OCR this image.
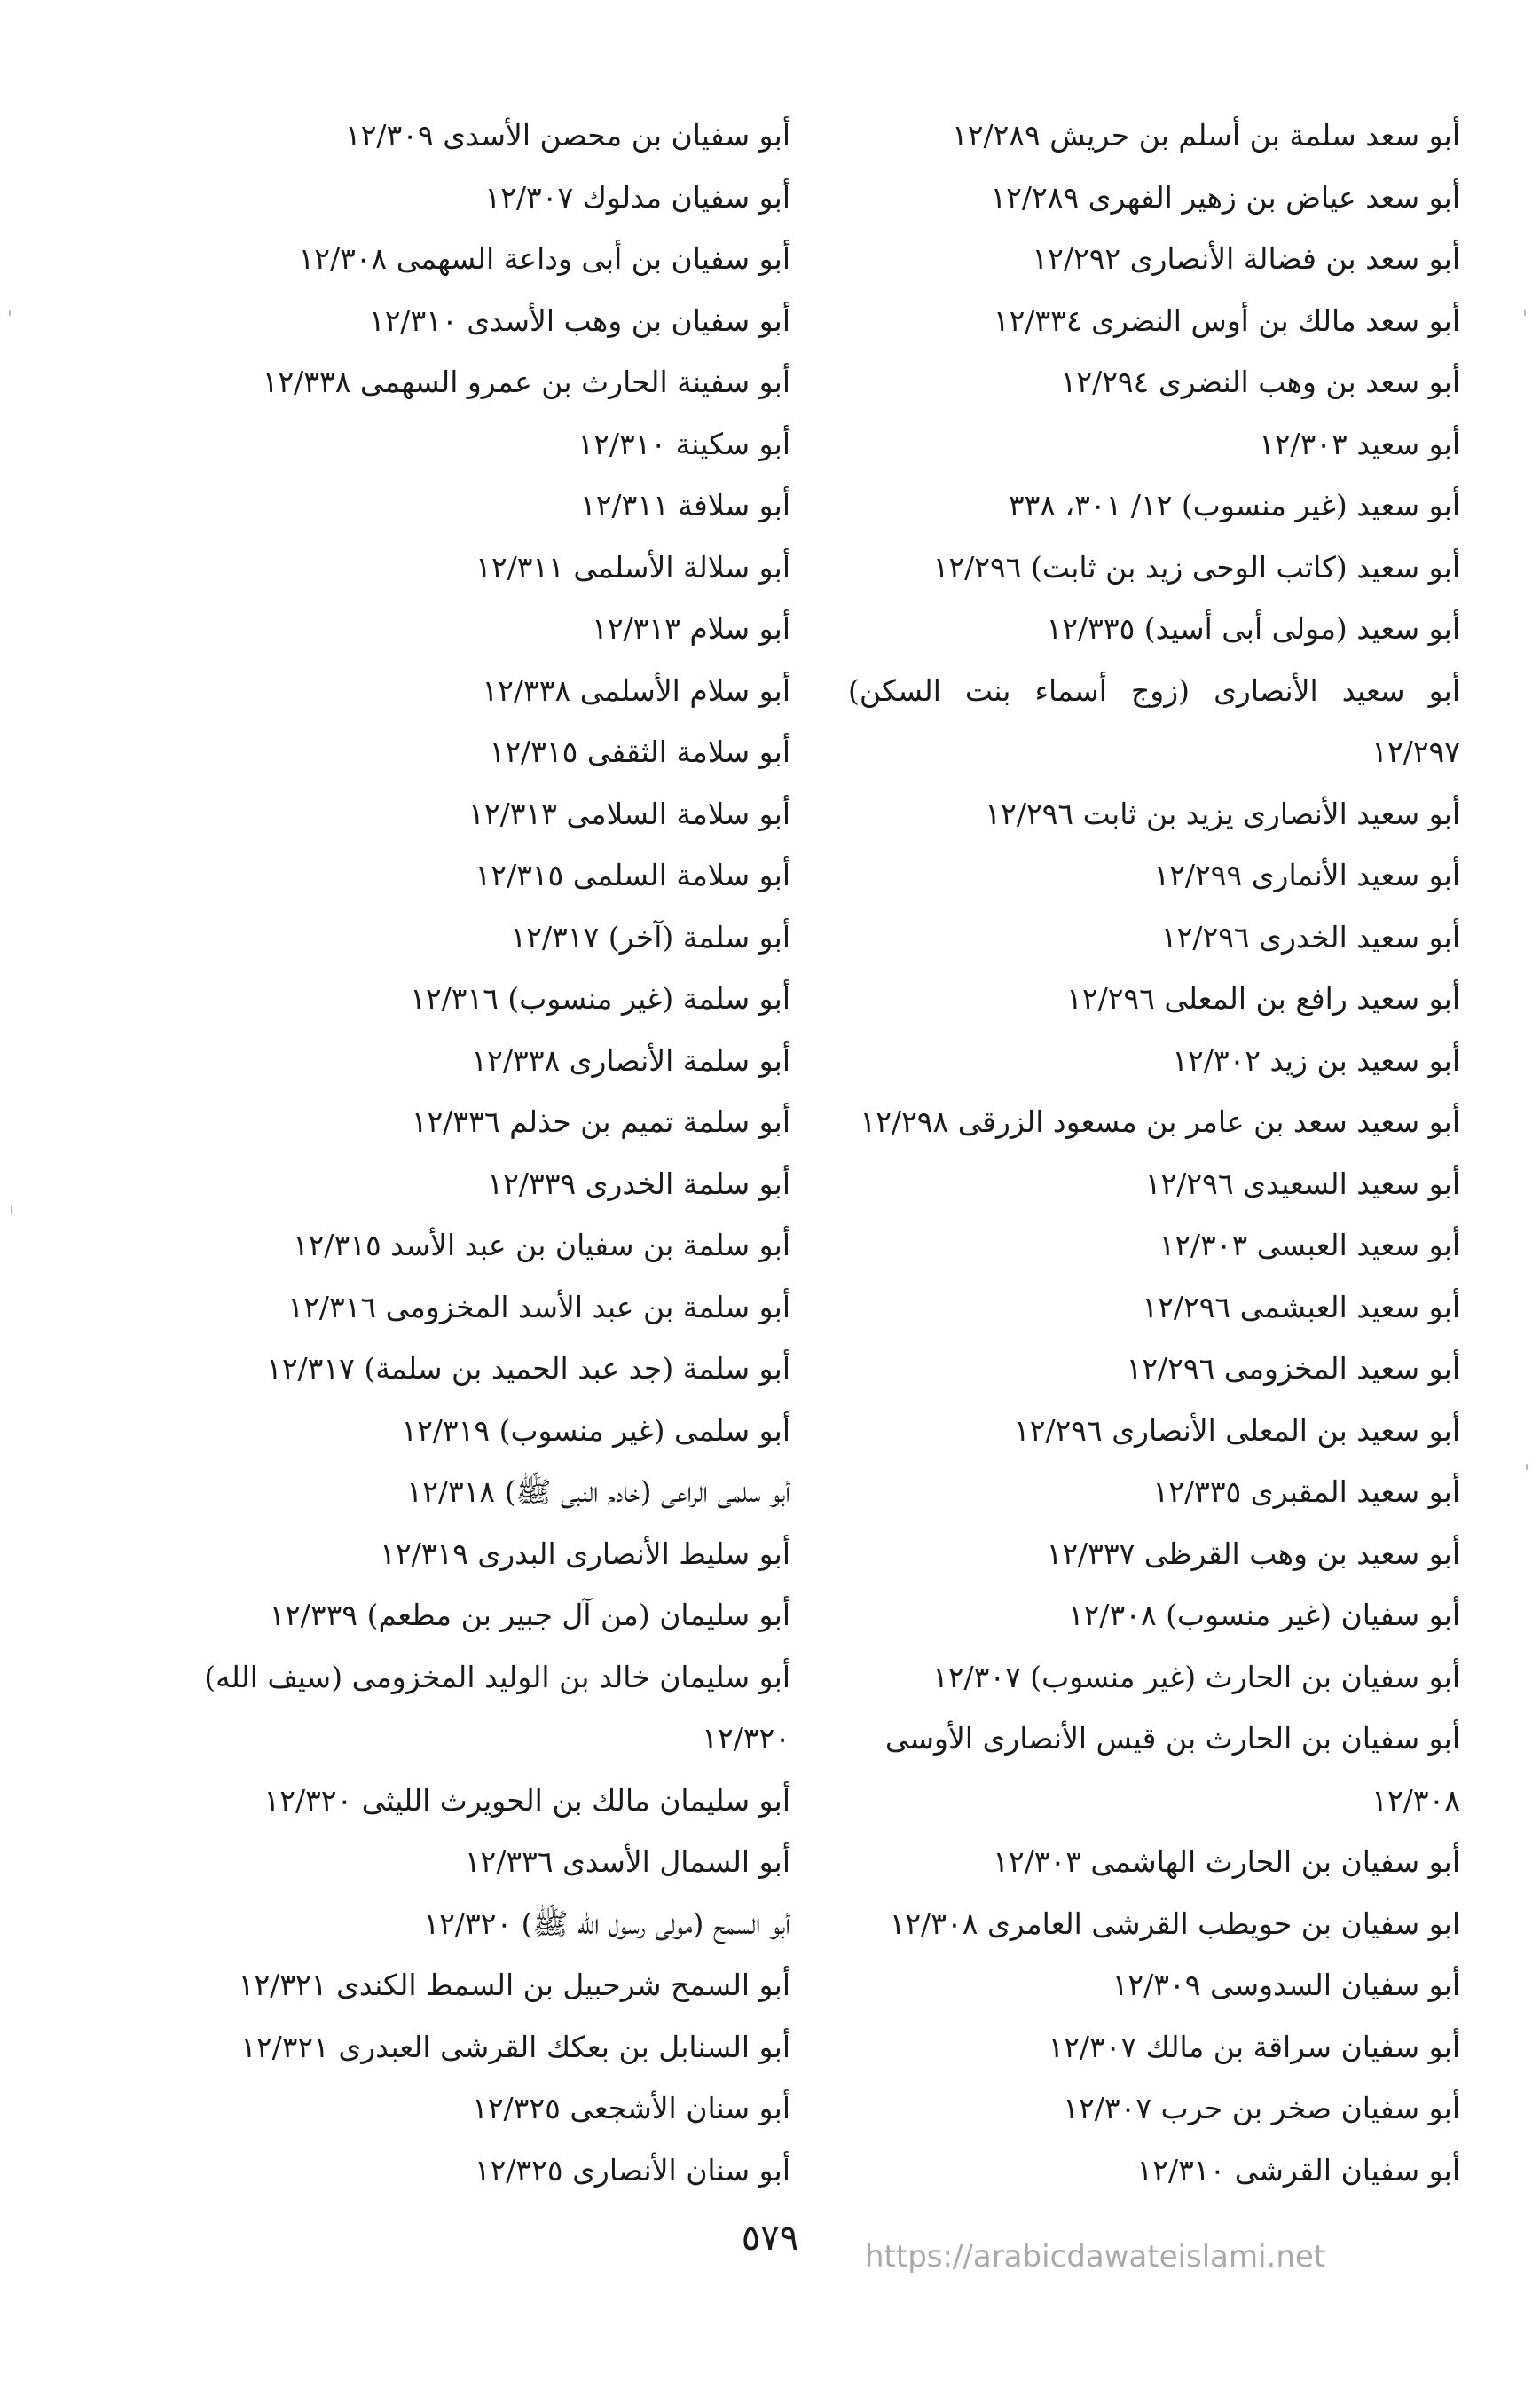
أبو سعد سلمة بن أسلم بن حريش ١٢/٢٨٩

أبو سعد عياض بن زهير الفهرى ١٢/٢٨٩

أبو سعد بن فضالة الأنصارى ١٢/٢٩٢

أبو سعد مالك بن أوس النضرى ١٢/٣٣٤

أبو سعد بن وهب النضرى ١٢/٢٩٤

أبو سعيد ١٢/٣٠٣

أبو سعيد (غير منسوب) ١٢/ ٣٠١، ٣٣٨

أبو سعيد (كاتب الوحى زيد بن ثابت) ١٢/٢٩٦

أبو سعيد (مولى أبى أسيد) ١٢/٣٣٥

أبو سعيد الأنصارى (زوج أسماء بنت السكن) ١٢/٢٩٧

أبو سعيد الأنصارى يزيد بن ثابت ١٢/٢٩٦

أبو سعيد الأنمارى ١٢/٢٩٩

أبو سعيد الخدرى ١٢/٢٩٦

أبو سعيد رافع بن المعلى ١٢/٢٩٦

أبو سعيد بن زيد ١٢/٣٠٢

أبو سعيد سعد بن عامر بن مسعود الزرقى ١٢/٢٩٨

أبو سعيد السعيدى ١٢/٢٩٦

أبو سعيد العبسى ١٢/٣٠٣

أبو سعيد العبشمى ١٢/٢٩٦

أبو سعيد المخزومى ١٢/٢٩٦

أبو سعيد بن المعلى الأنصارى ١٢/٢٩٦

أبو سعيد المقبرى ١٢/٣٣٥

أبو سعيد بن وهب القرظى ١٢/٣٣٧

أبو سفيان (غير منسوب) ١٢/٣٠٨

أبو سفيان بن الحارث (غير منسوب) ١٢/٣٠٧

أبو سفيان بن الحارث بن قيس الأنصارى الأوسى ١٢/٣٠٨

أبو سفيان بن الحارث الهاشمى ١٢/٣٠٣

ابو سفيان بن حويطب القرشى العامرى ١٢/٣٠٨

أبو سفيان السدوسى ١٢/٣٠٩

أبو سفيان سراقة بن مالك ١٢/٣٠٧

أبو سفيان صخر بن حرب ١٢/٣٠٧

أبو سفيان القرشى ١٢/٣١٠

أبو سفيان بن محصن الأسدى ١٢/٣٠٩

أبو سفيان مدلوك ١٢/٣٠٧

أبو سفيان بن أبى وداعة السهمى ١٢/٣٠٨

أبو سفيان بن وهب الأسدى ١٢/٣١٠

أبو سفينة الحارث بن عمرو السهمى ١٢/٣٣٨

أبو سكينة ١٢/٣١٠

أبو سلافة ١٢/٣١١

أبو سلالة الأسلمى ١٢/٣١١

أبو سلام ١٢/٣١٣

أبو سلام الأسلمى ١٢/٣٣٨

أبو سلامة الثقفى ١٢/٣١٥

أبو سلامة السلامى ١٢/٣١٣

أبو سلامة السلمى ١٢/٣١٥

أبو سلمة (آخر) ١٢/٣١٧

أبو سلمة (غير منسوب) ١٢/٣١٦

أبو سلمة الأنصارى ١٢/٣٣٨

أبو سلمة تميم بن حذلم ١٢/٣٣٦

أبو سلمة الخدرى ١٢/٣٣٩

أبو سلمة بن سفيان بن عبد الأسد ١٢/٣١٥

أبو سلمة بن عبد الأسد المخزومى ١٢/٣١٦

أبو سلمة (جد عبد الحميد بن سلمة) ١٢/٣١٧

أبو سلمى (غير منسوب) ١٢/٣١٩

أبو سلمى الراعى (خادم النبى ﷺ) ١٢/٣١٨

أبو سليط الأنصارى البدرى ١٢/٣١٩

أبو سليمان (من آل جبير بن مطعم) ١٢/٣٣٩

أبو سليمان خالد بن الوليد المخزومى (سيف الله) ١٢/٣٢٠

أبو سليمان مالك بن الحويرث الليثى ١٢/٣٢٠

أبو السمال الأسدى ١٢/٣٣٦

أبو السمح (مولى رسول الله ﷺ) ١٢/٣٢٠

أبو السمح شرحبيل بن السمط الكندى ١٢/٣٢١

أبو السنابل بن بعكك القرشى العبدرى ١٢/٣٢١

أبو سنان الأشجعى ١٢/٣٢٥

أبو سنان الأنصارى ١٢/٣٢٥

٥٧٩	https://arabicdawateislami.net
